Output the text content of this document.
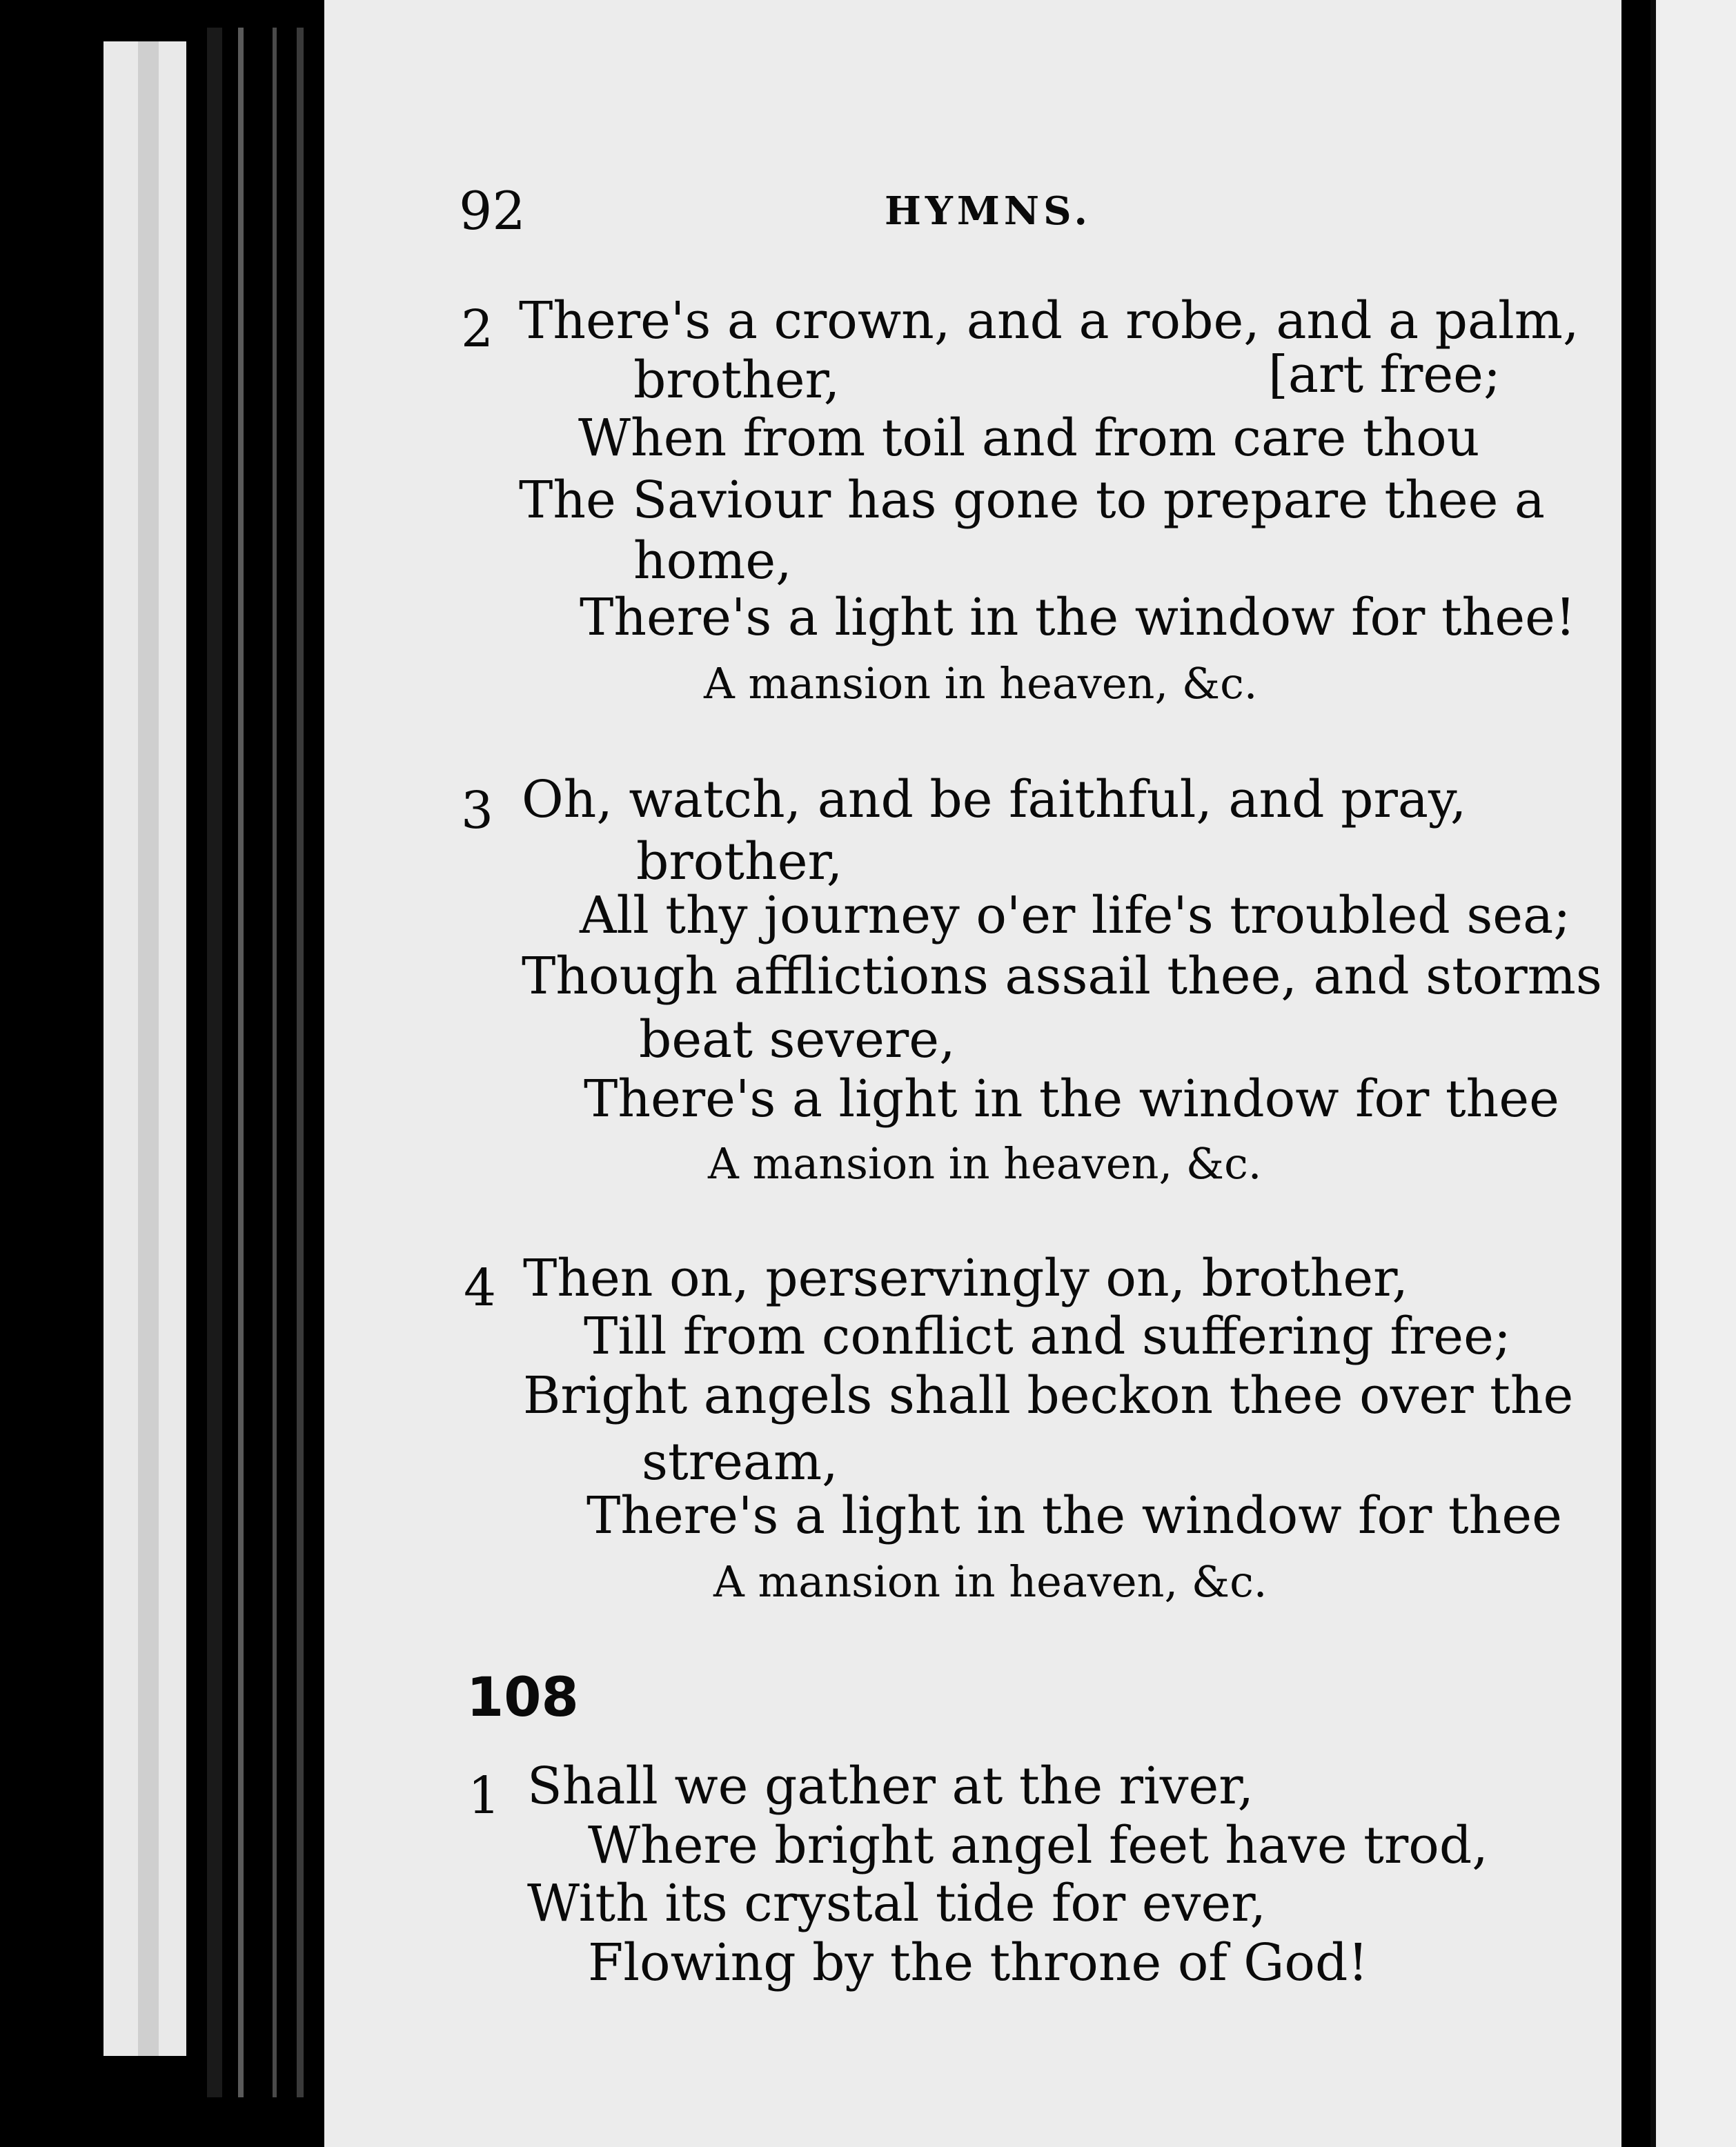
92	HYMNS.
2 There's a crown, and a robe, and a palm,
brother,	[art free;
When from toil and from care thou
The Saviour has gone to prepare thee a
home,
There's a light in the window for thee!
A mansion in heaven, &c.
3 Oh, watch, and be faithful, and pray,
brother,
All thy journey o'er life's troubled sea;
Though afflictions assail thee, and storms
beat severe,
There's a light in the window for thee
A mansion in heaven, &c.
4 Then on, perservingly on, brother,
Till from conflict and suffering free;
Bright angels shall beckon thee over the
stream,
There's a light in the window for thee
A mansion in heaven, &c.
108
1 Shall we gather at the river,
Where bright angel feet have trod,
With its crystal tide for ever,
Flowing by the throne of God!
